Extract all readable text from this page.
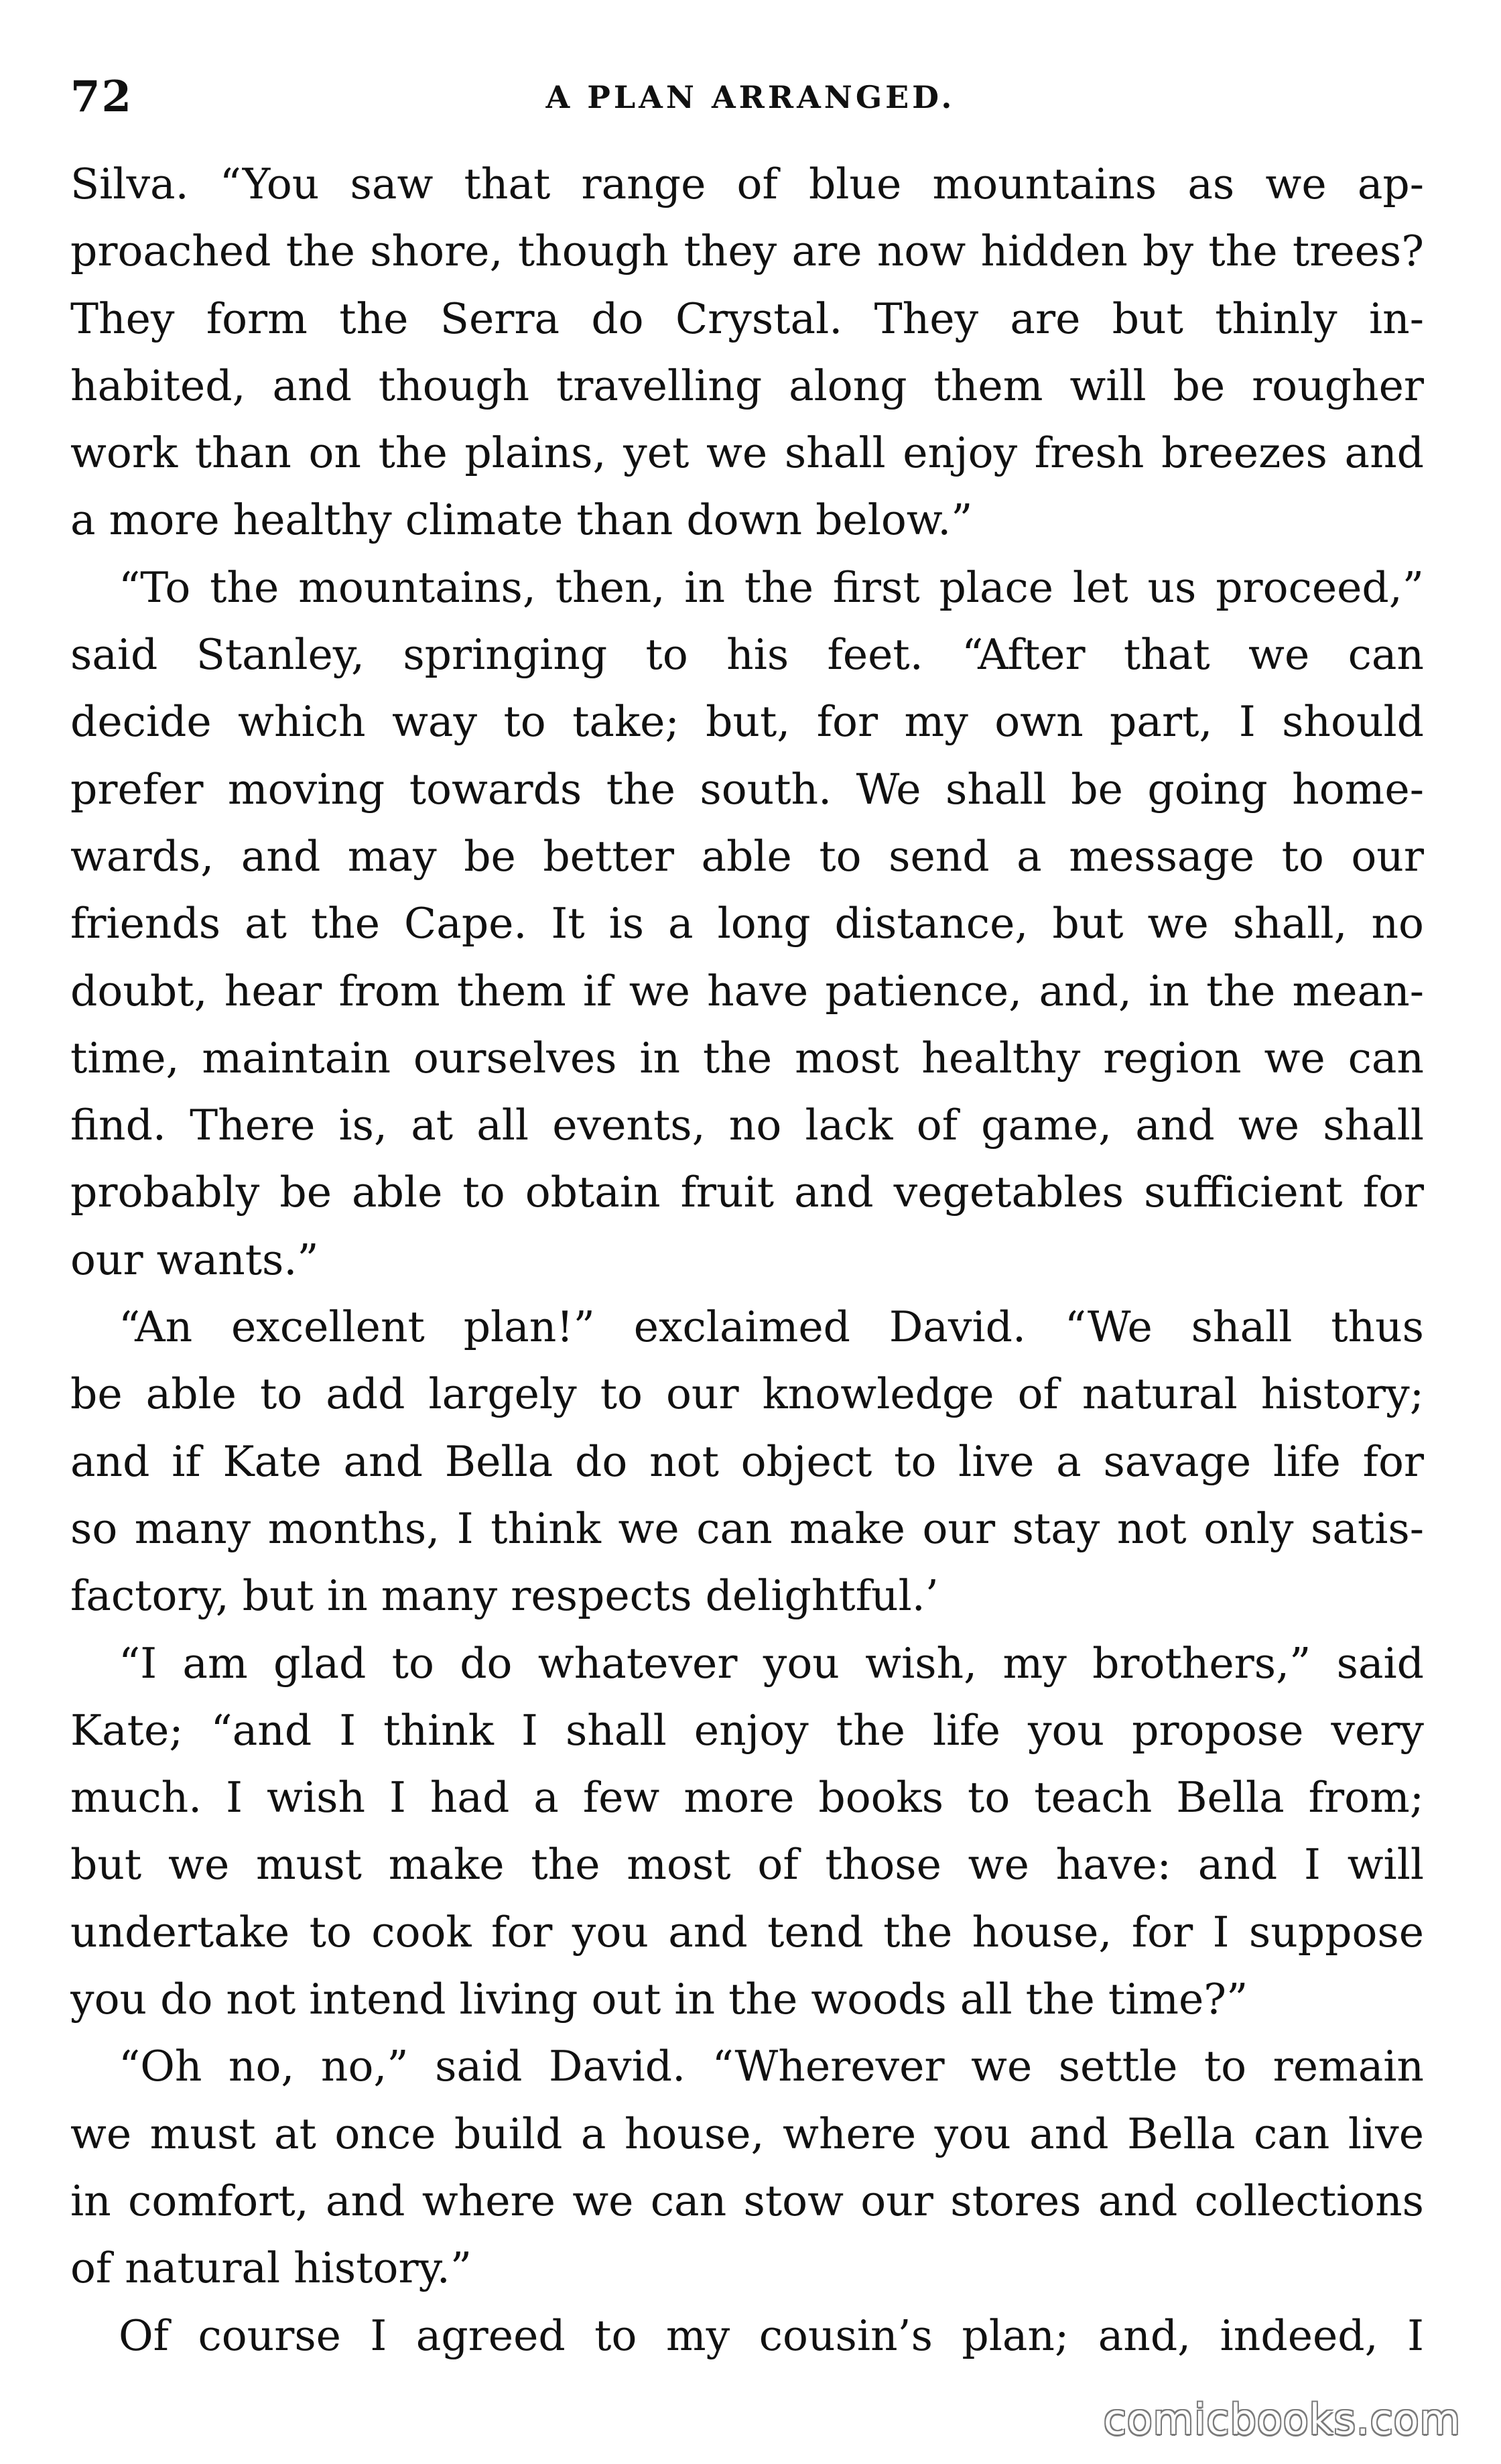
72	A PLAN ARRANGED.
Silva. “You saw that range of blue mountains as we ap-
proached the shore, though they are now hidden by the trees?
They form the Serra do Crystal. They are but thinly in-
habited, and though travelling along them will be rougher
work than on the plains, yet we shall enjoy fresh breezes and
a more healthy climate than down below.”
“To the mountains, then, in the first place let us proceed,”
said Stanley, springing to his feet. “After that we can
decide which way to take; but, for my own part, I should
prefer moving towards the south. We shall be going home-
wards, and may be better able to send a message to our
friends at the Cape. It is a long distance, but we shall, no
doubt, hear from them if we have patience, and, in the mean-
time, maintain ourselves in the most healthy region we can
find. There is, at all events, no lack of game, and we shall
probably be able to obtain fruit and vegetables sufficient for
our wants.”
“An excellent plan!” exclaimed David. “We shall thus
be able to add largely to our knowledge of natural history;
and if Kate and Bella do not object to live a savage life for
so many months, I think we can make our stay not only satis-
factory, but in many respects delightful.’
“I am glad to do whatever you wish, my brothers,” said
Kate; “and I think I shall enjoy the life you propose very
much. I wish I had a few more books to teach Bella from;
but we must make the most of those we have: and I will
undertake to cook for you and tend the house, for I suppose
you do not intend living out in the woods all the time?”
“Oh no, no,” said David. “Wherever we settle to remain
we must at once build a house, where you and Bella can live
in comfort, and where we can stow our stores and collections
of natural history.”
Of course I agreed to my cousin’s plan; and, indeed, I
comicbooks.com
